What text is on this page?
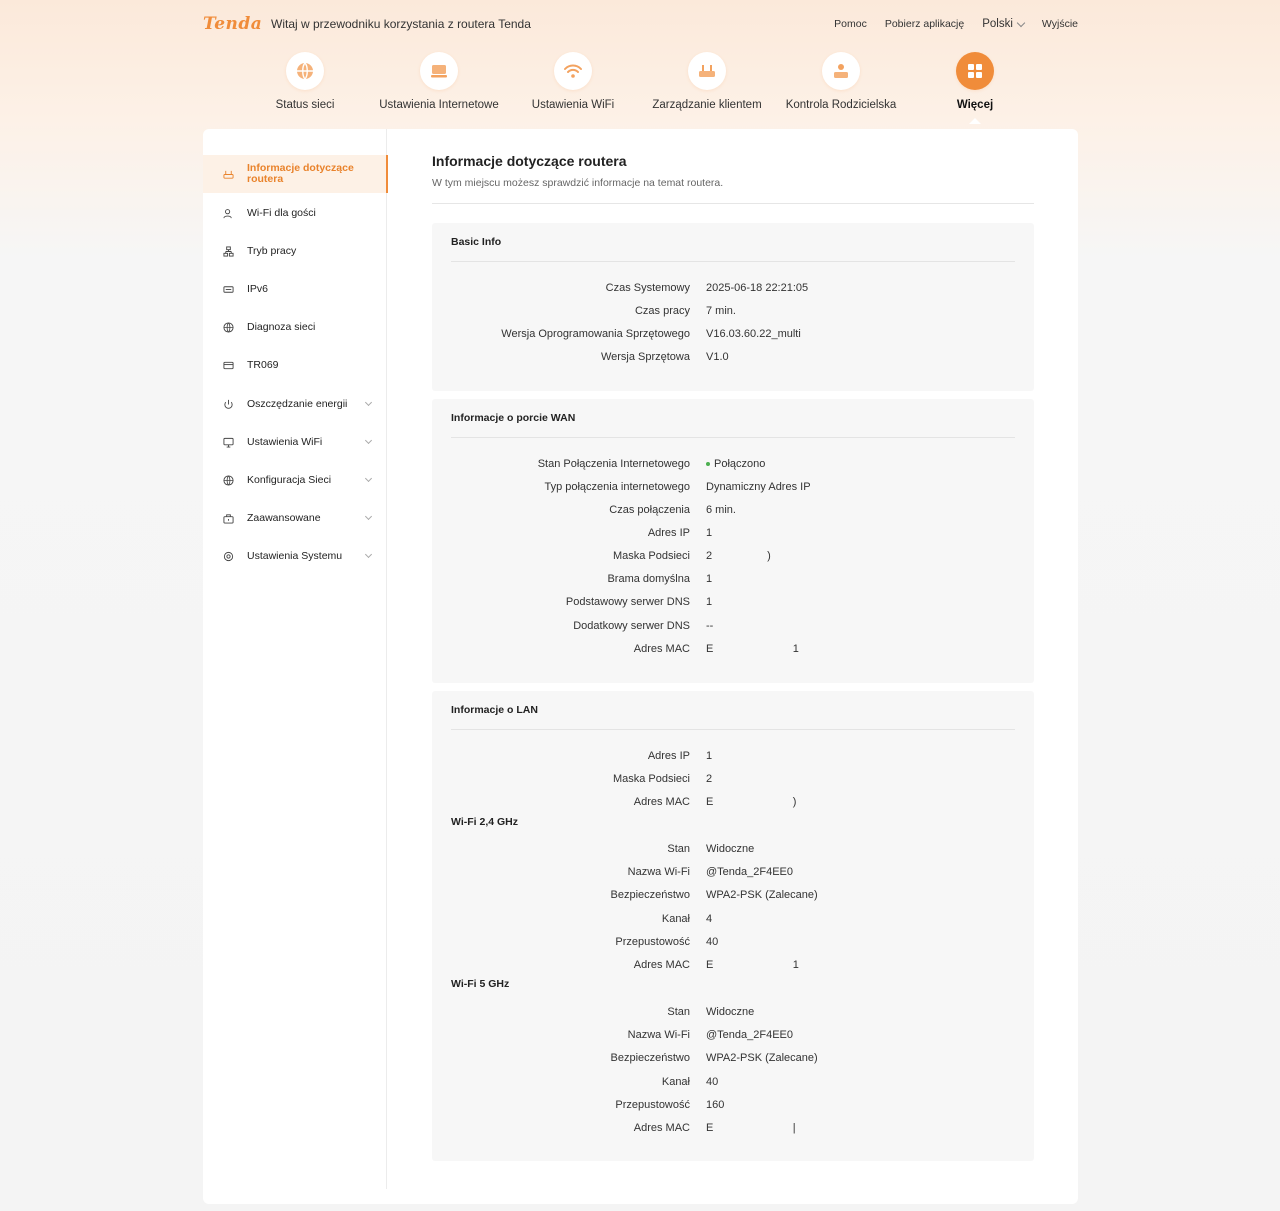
Tenda Witaj w przewodniku korzystania z routera Tenda	Pomoc Pobierz aplikację Polski	Wyjście
Status sieci	Ustawienia Internetowe	Ustawienia WiFi	Zarządzanie klientem	Kontrola Rodzicielska	Więcej
Informacje dotyczące routera
Wi-Fi dla gości
Tryb pracy
IPv6
Diagnoza sieci
TR069
Oszczędzanie energii
Ustawienia WiFi
Konfiguracja Sieci
Zaawansowane
Ustawienia Systemu
Informacje dotyczące routera
W tym miejscu możesz sprawdzić informacje na temat routera.
Basic Info
Czas Systemowy 2025-06-18 22:21:05
Czas pracy 7 min.
Wersja Oprogramowania Sprzętowego V16.03.60.22_multi
Wersja Sprzętowa V1.0
Informacje o porcie WAN
Stan Połączenia Internetowego	Połączono
Typ połączenia internetowego Dynamiczny Adres IP
Czas połączenia 6 min.
Adres IP 1
Maska Podsieci 2                  )
Brama domyślna 1
Podstawowy serwer DNS 1
Dodatkowy serwer DNS --
Adres MAC E                          1
Informacje o LAN
Adres IP 1
Maska Podsieci 2
Adres MAC E                          )
Wi-Fi 2,4 GHz
Stan Widoczne
Nazwa Wi-Fi @Tenda_2F4EE0
Bezpieczeństwo WPA2-PSK (Zalecane)
Kanał 4
Przepustowość 40
Adres MAC E                          1
Wi-Fi 5 GHz
Stan Widoczne
Nazwa Wi-Fi @Tenda_2F4EE0
Bezpieczeństwo WPA2-PSK (Zalecane)
Kanał 40
Przepustowość 160
Adres MAC E                          |
